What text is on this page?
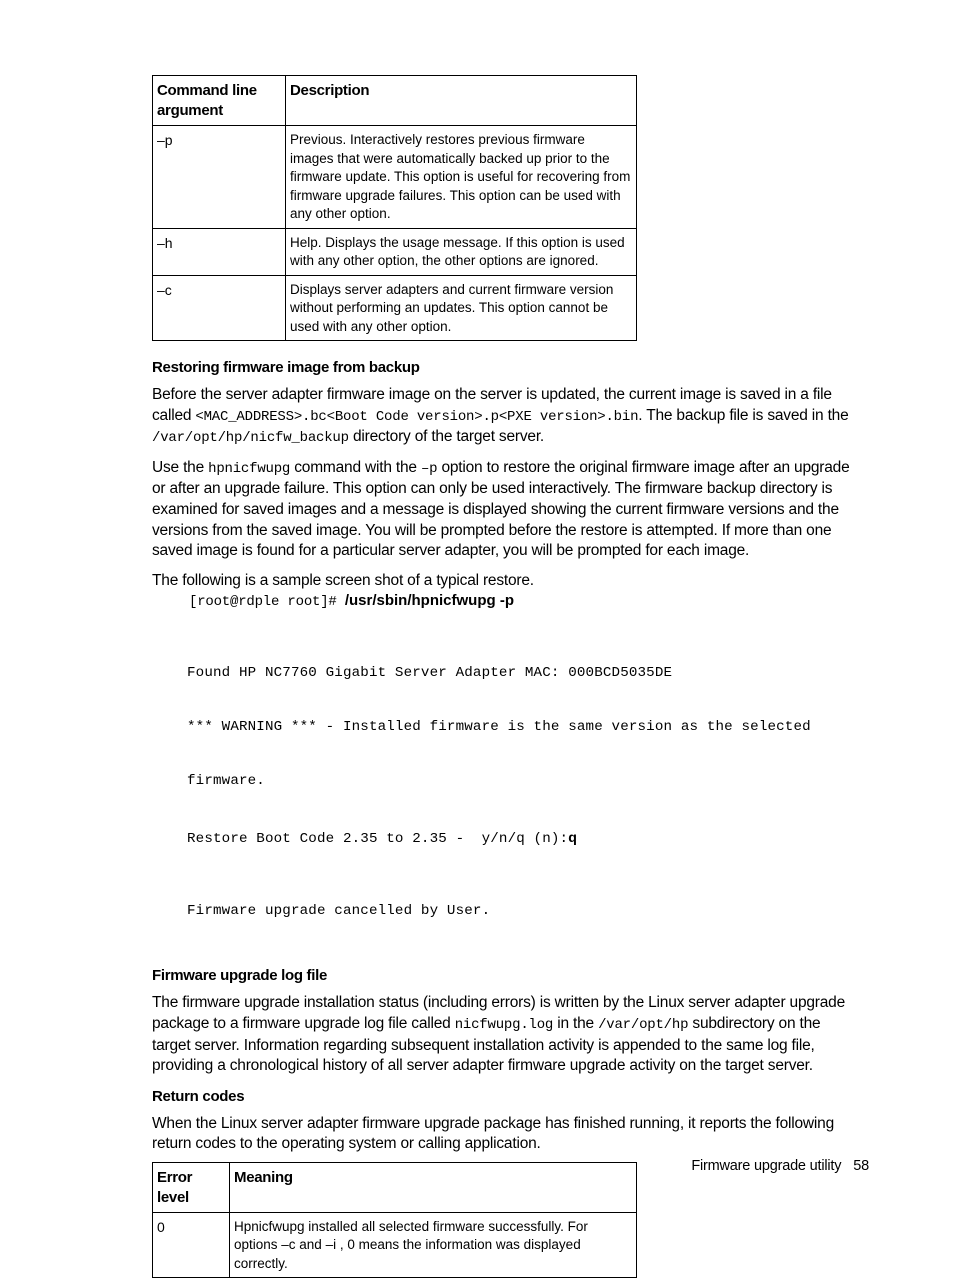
Command line argument	Description
–p	Previous. Interactively restores previous firmware images that were automatically backed up prior to the firmware update. This option is useful for recovering from firmware upgrade failures. This option can be used with any other option.
–h	Help. Displays the usage message. If this option is used with any other option, the other options are ignored.
–c	Displays server adapters and current firmware version without performing an updates. This option cannot be used with any other option.
Restoring firmware image from backup

Before the server adapter firmware image on the server is updated, the current image is saved in a file called <MAC_ADDRESS>.bc<Boot Code version>.p<PXE version>.bin. The backup file is saved in the /var/opt/hp/nicfw_backup directory of the target server.

Use the hpnicfwupg command with the –p option to restore the original firmware image after an upgrade or after an upgrade failure. This option can only be used interactively. The firmware backup directory is examined for saved images and a message is displayed showing the current firmware versions and the versions from the saved image. You will be prompted before the restore is attempted. If more than one saved image is found for a particular server adapter, you will be prompted for each image.

The following is a sample screen shot of a typical restore.

[root@rdple root]# /usr/sbin/hpnicfwupg -p

Found HP NC7760 Gigabit Server Adapter MAC: 000BCD5035DE

*** WARNING *** - Installed firmware is the same version as the selected

firmware.

Restore Boot Code 2.35 to 2.35 -  y/n/q (n):q

Firmware upgrade cancelled by User.

Firmware upgrade log file

The firmware upgrade installation status (including errors) is written by the Linux server adapter upgrade package to a firmware upgrade log file called nicfwupg.log in the /var/opt/hp subdirectory on the target server. Information regarding subsequent installation activity is appended to the same log file, providing a chronological history of all server adapter firmware upgrade activity on the target server.

Return codes

When the Linux server adapter firmware upgrade package has finished running, it reports the following return codes to the operating system or calling application.

Error level	Meaning
0	Hpnicfwupg installed all selected firmware successfully. For options –c and –i , 0 means the information was displayed correctly.
Firmware upgrade utility 58
